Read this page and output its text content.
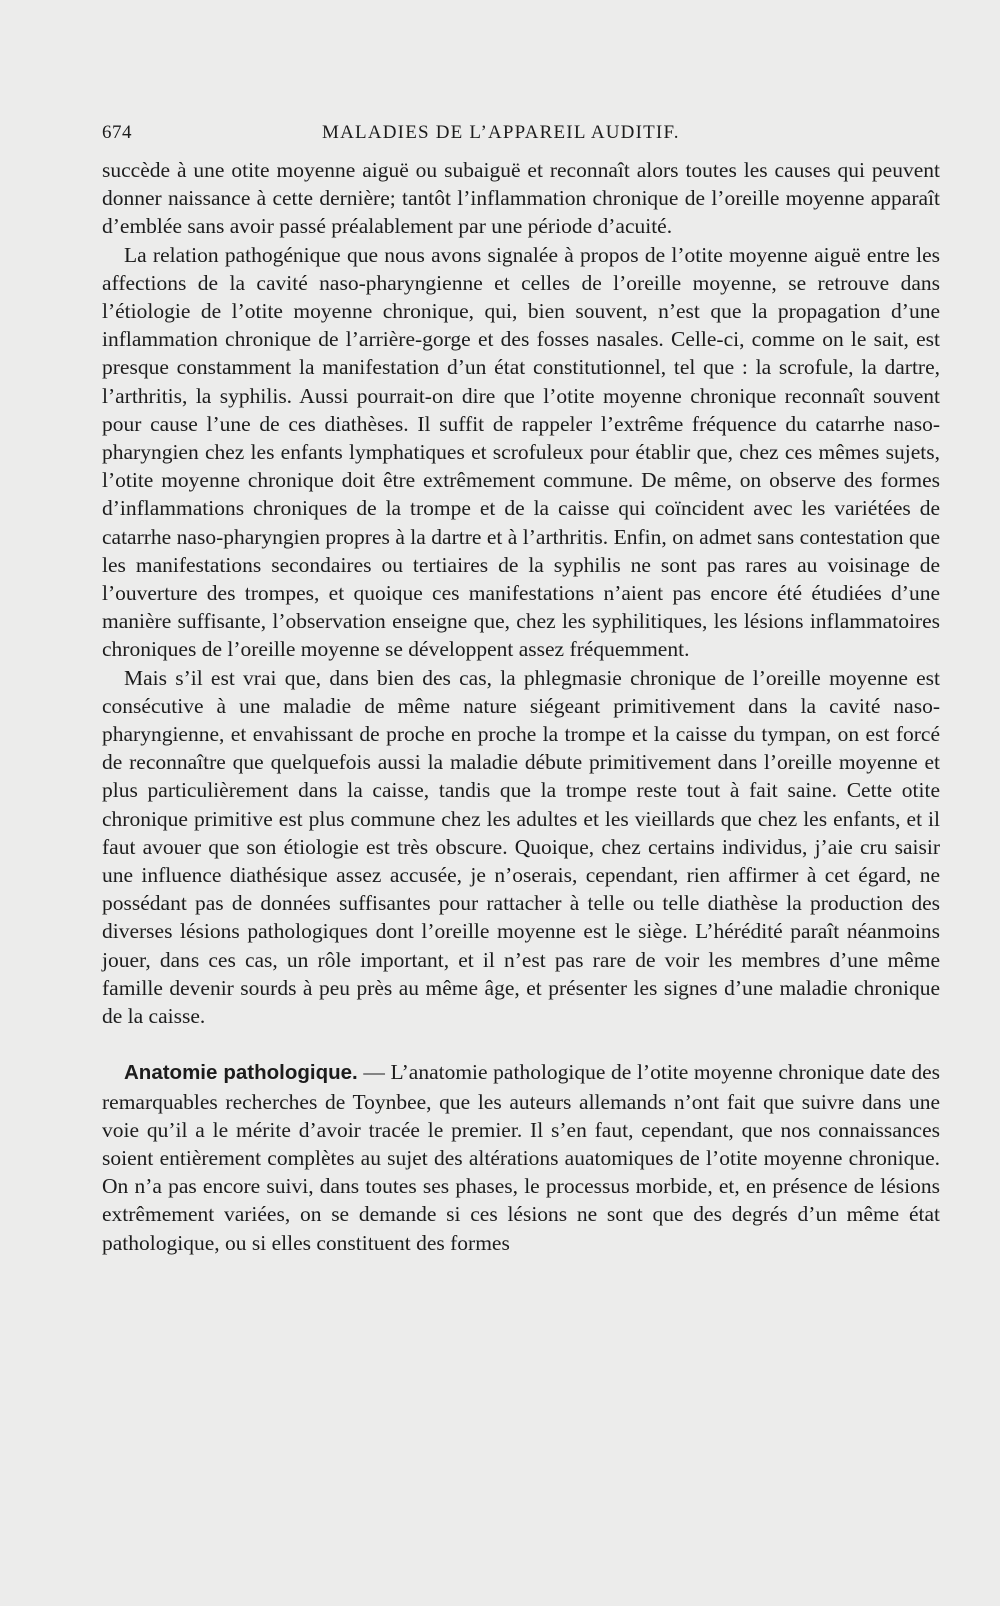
674	MALADIES DE L’APPAREIL AUDITIF.

succède à une otite moyenne aiguë ou subaiguë et reconnaît alors toutes les causes qui peuvent donner naissance à cette dernière; tantôt l’inflammation chronique de l’oreille moyenne apparaît d’emblée sans avoir passé préalablement par une période d’acuité.

La relation pathogénique que nous avons signalée à propos de l’otite moyenne aiguë entre les affections de la cavité naso-pharyngienne et celles de l’oreille moyenne, se retrouve dans l’étiologie de l’otite moyenne chronique, qui, bien souvent, n’est que la propagation d’une inflammation chronique de l’arrière-gorge et des fosses nasales. Celle-ci, comme on le sait, est presque constamment la manifestation d’un état constitutionnel, tel que : la scrofule, la dartre, l’arthritis, la syphilis. Aussi pourrait-on dire que l’otite moyenne chronique reconnaît souvent pour cause l’une de ces diathèses. Il suffit de rappeler l’extrême fréquence du catarrhe naso-pharyngien chez les enfants lymphatiques et scrofuleux pour établir que, chez ces mêmes sujets, l’otite moyenne chronique doit être extrêmement commune. De même, on observe des formes d’inflammations chroniques de la trompe et de la caisse qui coïncident avec les variétées de catarrhe naso-pharyngien propres à la dartre et à l’arthritis. Enfin, on admet sans contestation que les manifestations secondaires ou tertiaires de la syphilis ne sont pas rares au voisinage de l’ouverture des trompes, et quoique ces manifestations n’aient pas encore été étudiées d’une manière suffisante, l’observation enseigne que, chez les syphilitiques, les lésions inflammatoires chroniques de l’oreille moyenne se développent assez fréquemment.

Mais s’il est vrai que, dans bien des cas, la phlegmasie chronique de l’oreille moyenne est consécutive à une maladie de même nature siégeant primitivement dans la cavité naso-pharyngienne, et envahissant de proche en proche la trompe et la caisse du tympan, on est forcé de reconnaître que quelquefois aussi la maladie débute primitivement dans l’oreille moyenne et plus particulièrement dans la caisse, tandis que la trompe reste tout à fait saine. Cette otite chronique primitive est plus commune chez les adultes et les vieillards que chez les enfants, et il faut avouer que son étiologie est très obscure. Quoique, chez certains individus, j’aie cru saisir une influence diathésique assez accusée, je n’oserais, cependant, rien affirmer à cet égard, ne possédant pas de données suffisantes pour rattacher à telle ou telle diathèse la production des diverses lésions pathologiques dont l’oreille moyenne est le siège. L’hérédité paraît néanmoins jouer, dans ces cas, un rôle important, et il n’est pas rare de voir les membres d’une même famille devenir sourds à peu près au même âge, et présenter les signes d’une maladie chronique de la caisse.

Anatomie pathologique. — L’anatomie pathologique de l’otite moyenne chronique date des remarquables recherches de Toynbee, que les auteurs allemands n’ont fait que suivre dans une voie qu’il a le mérite d’avoir tracée le premier. Il s’en faut, cependant, que nos connaissances soient entièrement complètes au sujet des altérations auatomiques de l’otite moyenne chronique. On n’a pas encore suivi, dans toutes ses phases, le processus morbide, et, en présence de lésions extrêmement variées, on se demande si ces lésions ne sont que des degrés d’un même état pathologique, ou si elles constituent des formes
